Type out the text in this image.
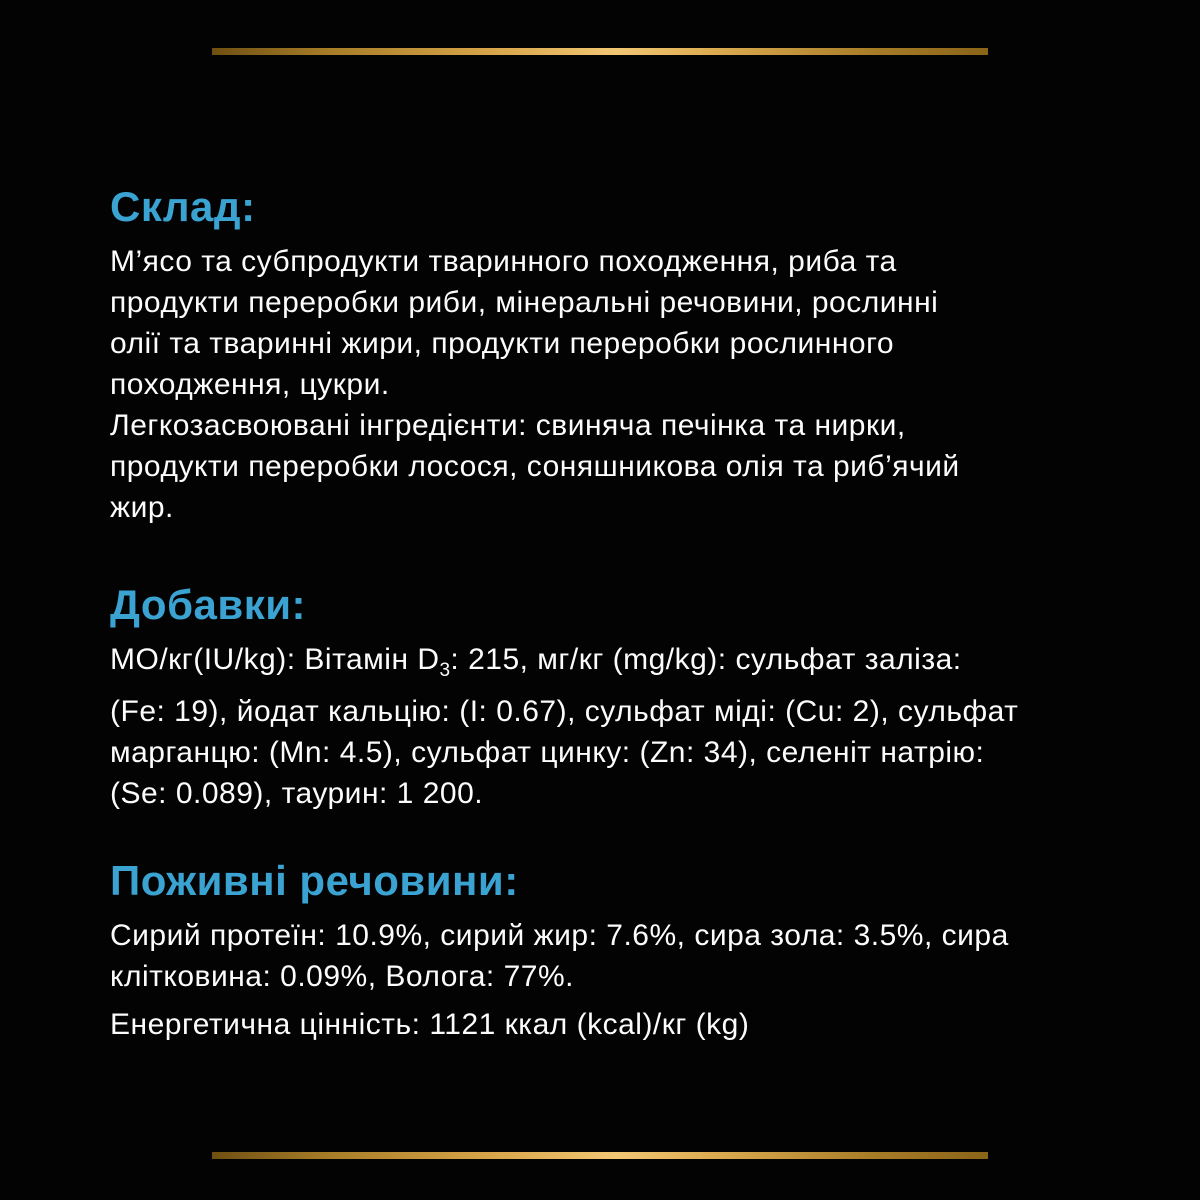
Склад:
М’ясо та субпродукти тваринного походження, риба та
продукти переробки риби, мінеральні речовини, рослинні
олії та тваринні жири, продукти переробки рослинного
походження, цукри.
Легкозасвоювані інгредієнти: свиняча печінка та нирки,
продукти переробки лосося, соняшникова олія та риб’ячий
жир.
Добавки:
МО/кг(IU/kg): Вітамін $D_3$: 215, мг/кг (mg/kg): сульфат заліза:
(Fe: 19), йодат кальцію: (I: 0.67), сульфат міді: (Cu: 2), сульфат
марганцю: (Mn: 4.5), сульфат цинку: (Zn: 34), селеніт натрію:
(Se: 0.089), таурин: 1 200.
Поживні речовини:
Сирий протеїн: 10.9%, сирий жир: 7.6%, сира зола: 3.5%, сира
клітковина: 0.09%, Волога: 77%.
Енергетична цінність: 1121 ккал (kcal)/кг (kg)
